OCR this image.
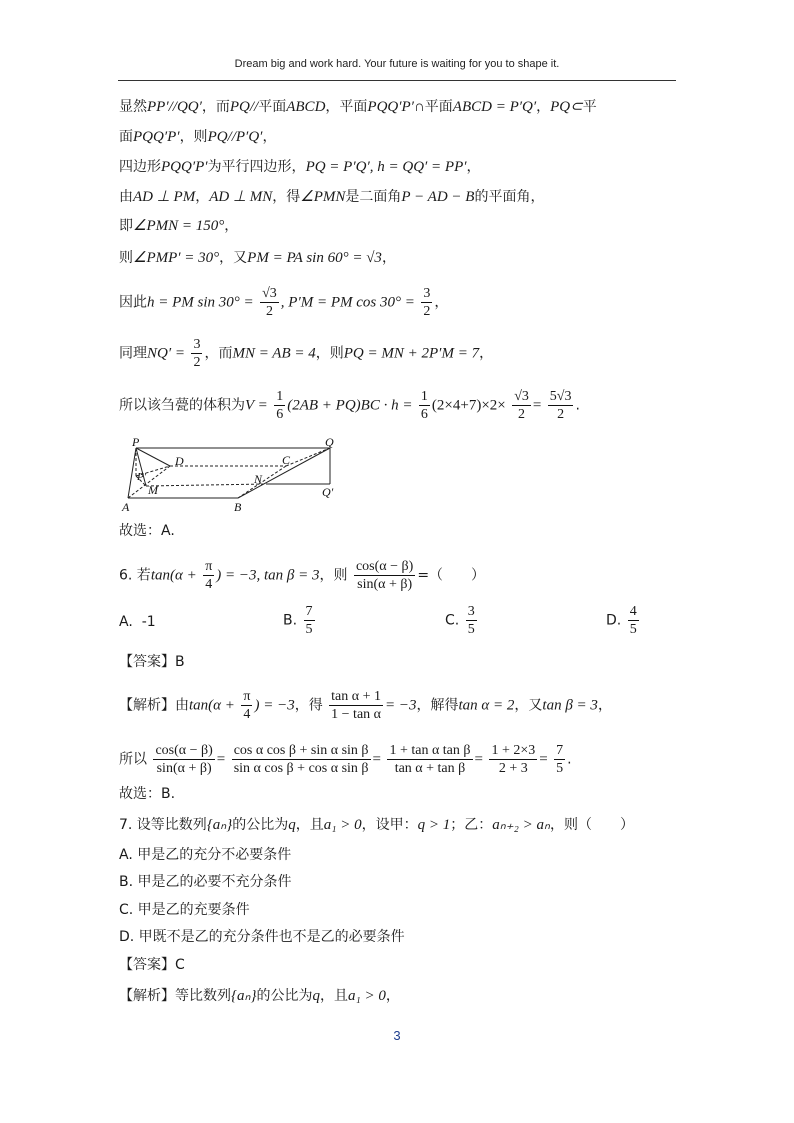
Dream big and work hard. Your future is waiting for you to shape it.
显然PP′//QQ′，而PQ//平面ABCD，平面PQQ′P′∩平面ABCD = P′Q′，PQ⊂平
面PQQ′P′，则PQ//P′Q′，
四边形PQQ′P′为平行四边形，PQ = P′Q′, h = QQ′ = PP′，
由AD ⊥ PM，AD ⊥ MN，得∠PMN是二面角P − AD − B的平面角，
即∠PMN = 150°，
则∠PMP′ = 30°，又PM = PA sin 60° = √3，
因此h = PM $\sin 30^\circ = \frac{√3}{2}$ , P′M = PM $\cos 30^\circ = \frac{3}{2}$ ，
同理$NQ' = \frac{3}{2}$ ，而MN = AB = 4，则PQ = MN + 2P′M = 7，
所以该刍甍的体积为$V = \frac{1}{6} (2AB + PQ)BC \cdot h = \frac{1}{6} (2\times 4+7)\times 2\times \frac{√3}{2} = \frac{5√3}{2}$ .
P	Q
D	C
P′
M
N
Q′
A	B
故选：A.
6. 若$\tan(\alpha + \frac{\pi}{4}$ ) = −3, tan β = 3，则 $\frac{\cos(\alpha - \beta)}{\sin(\alpha + \beta)}$ =（　　）
A. -1	B. $\frac{7}{5}$	C. $\frac{3}{5}$	D. $\frac{4}{5}$
【答案】B
【解析】由$\tan(\alpha + \frac{\pi}{4}$ ) = −3，得 $\frac{\text{tan α + 1}}{\text{1 − tan α}} = -3$，解得tan α = 2，又tan β = 3，
所以 $\frac{\cos(\alpha - \beta)}{\sin(\alpha + \beta)} = \frac{\text{cos α cos β + sin α sin β}}{\text{sin α cos β + cos α sin β}} = \frac{\text{1 + tan α tan β}}{\text{tan α + tan β}} = \frac{1 + 2\times 3}{2 + 3} = \frac{7}{5}$ .
故选：B.
7. 设等比数列{aₙ}的公比为q，且a₁ > 0，设甲：q > 1；乙：aₙ₊₂ > aₙ，则（　　）
A. 甲是乙的充分不必要条件
B. 甲是乙的必要不充分条件
C. 甲是乙的充要条件
D. 甲既不是乙的充分条件也不是乙的必要条件
【答案】C
【解析】等比数列{aₙ}的公比为q，且a₁ > 0，
3
